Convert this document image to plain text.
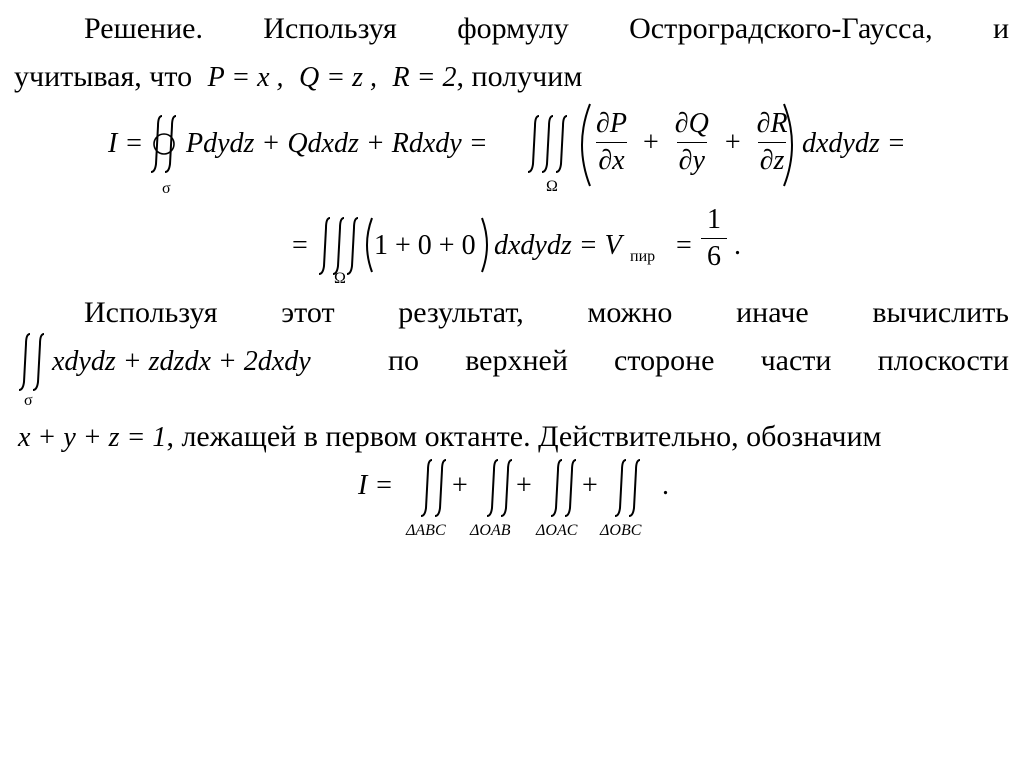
Решение. Используя формулу Остроградского-Гаусса, и
учитывая, что P = x , Q = z , R = 2, получим
I =
σ
Pdydz + Qdxdz + Rdxdy =
Ω
$\frac{\partial P}{\partial x} + \frac{\partial Q}{\partial y} + \frac{\partial R}{\partial z}$ dxdydz =
=
Ω
1 + 0 + 0 dxdydz = V пир = $\frac{1}{6}$ .
Используя этот результат, можно иначе вычислить
σ
xdydz + zdzdx + 2dxdy	по верхней стороне части плоскости
x + y + z = 1, лежащей в первом октанте. Действительно, обозначим
I = + + + .
ΔABC ΔOAB ΔOAC ΔOBC
